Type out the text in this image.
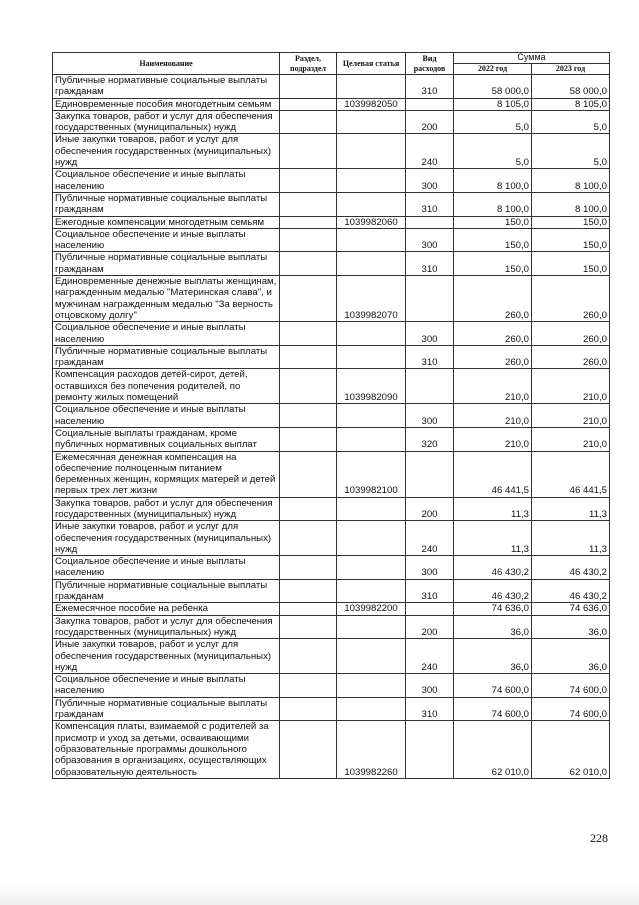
Наименование	Раздел, подраздел	Целевая статья	Вид расходов	Сумма	
				2022 год	2023 год
Публичные нормативные социальные выплаты гражданам			310	58 000,0	58 000,0
Единовременные пособия многодетным семьям		1039982050		8 105,0	8 105,0
Закупка товаров, работ и услуг для обеспечения государственных (муниципальных) нужд			200	5,0	5,0
Иные закупки товаров, работ и услуг для обеспечения государственных (муниципальных) нужд			240	5,0	5,0
Социальное обеспечение и иные выплаты населению			300	8 100,0	8 100,0
Публичные нормативные социальные выплаты гражданам			310	8 100,0	8 100,0
Ежегодные компенсации многодетным семьям		1039982060		150,0	150,0
Социальное обеспечение и иные выплаты населению			300	150,0	150,0
Публичные нормативные социальные выплаты гражданам			310	150,0	150,0
Единовременные денежные выплаты женщинам, награжденным медалью "Материнская слава", и мужчинам награжденным медалью "За верность отцовскому долгу"		1039982070		260,0	260,0
Социальное обеспечение и иные выплаты населению			300	260,0	260,0
Публичные нормативные социальные выплаты гражданам			310	260,0	260,0
Компенсация расходов детей-сирот, детей, оставшихся без попечения родителей, по ремонту жилых помещений		1039982090		210,0	210,0
Социальное обеспечение и иные выплаты населению			300	210,0	210,0
Социальные выплаты гражданам, кроме публичных нормативных социальных выплат			320	210,0	210,0
Ежемесячная денежная компенсация на обеспечение полноценным питанием беременных женщин, кормящих матерей и детей первых трех лет жизни		1039982100		46 441,5	46 441,5
Закупка товаров, работ и услуг для обеспечения государственных (муниципальных) нужд			200	11,3	11,3
Иные закупки товаров, работ и услуг для обеспечения государственных (муниципальных) нужд			240	11,3	11,3
Социальное обеспечение и иные выплаты населению			300	46 430,2	46 430,2
Публичные нормативные социальные выплаты гражданам			310	46 430,2	46 430,2
Ежемесячное пособие на ребенка		1039982200		74 636,0	74 636,0
Закупка товаров, работ и услуг для обеспечения государственных (муниципальных) нужд			200	36,0	36,0
Иные закупки товаров, работ и услуг для обеспечения государственных (муниципальных) нужд			240	36,0	36,0
Социальное обеспечение и иные выплаты населению			300	74 600,0	74 600,0
Публичные нормативные социальные выплаты гражданам			310	74 600,0	74 600,0
Компенсация платы, взимаемой с родителей за присмотр и уход за детьми, осваивающими образовательные программы дошкольного образования в организациях, осуществляющих образовательную деятельность		1039982260		62 010,0	62 010,0
228
